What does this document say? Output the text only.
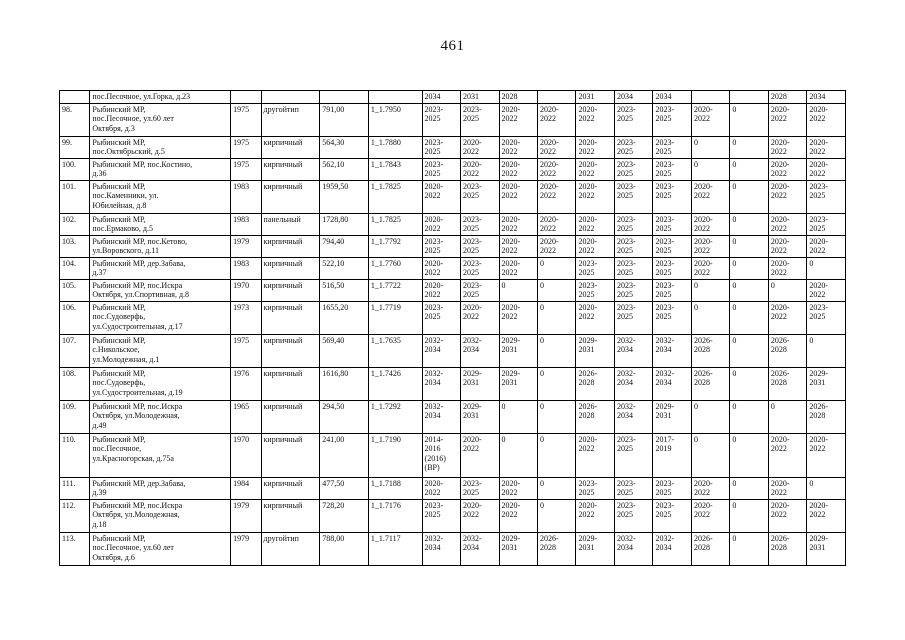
461
	пос.Песочное, ул.Горка, д.23					2034	2031	2028		2031	2034	2034			2028	2034
98.	Рыбинский МР,
пос.Песочное, ул.60 лет
Октября, д.3	1975	другойтип	791,00	1_1.7950	2023-
2025	2023-
2025	2020-
2022	2020-
2022	2020-
2022	2023-
2025	2023-
2025	2020-
2022	0	2020-
2022	2020-
2022
99.	Рыбинский МР,
пос.Октябрьский, д.5	1975	кирпичный	564,30	1_1.7880	2023-
2025	2020-
2022	2020-
2022	2020-
2022	2020-
2022	2023-
2025	2023-
2025	0	0	2020-
2022	2020-
2022
100.	Рыбинский МР, пос.Костино,
д.36	1975	кирпичный	562,10	1_1.7843	2023-
2025	2020-
2022	2020-
2022	2020-
2022	2020-
2022	2023-
2025	2023-
2025	0	0	2020-
2022	2020-
2022
101.	Рыбинский МР,
пос.Каменники, ул.
Юбилейная, д.8	1983	кирпичный	1959,50	1_1.7825	2020-
2022	2023-
2025	2020-
2022	2020-
2022	2020-
2022	2023-
2025	2023-
2025	2020-
2022	0	2020-
2022	2023-
2025
102.	Рыбинский МР,
пос.Ермаково, д.5	1983	панельный	1728,80	1_1.7825	2020-
2022	2023-
2025	2020-
2022	2020-
2022	2020-
2022	2023-
2025	2023-
2025	2020-
2022	0	2020-
2022	2023-
2025
103.	Рыбинский МР, пос.Кетово,
ул.Воровского, д.11	1979	кирпичный	794,40	1_1.7792	2023-
2025	2023-
2025	2020-
2022	2020-
2022	2020-
2022	2023-
2025	2023-
2025	2020-
2022	0	2020-
2022	2020-
2022
104.	Рыбинский МР, дер.Забава,
д.37	1983	кирпичный	522,10	1_1.7760	2020-
2022	2023-
2025	2020-
2022	0	2023-
2025	2023-
2025	2023-
2025	2020-
2022	0	2020-
2022	0
105.	Рыбинский МР, пос.Искра
Октября, ул.Спортивная, д.8	1970	кирпичный	516,50	1_1.7722	2020-
2022	2023-
2025	0	0	2023-
2025	2023-
2025	2023-
2025	0	0	0	2020-
2022
106.	Рыбинский МР,
пос.Судоверфь,
ул.Судостроительная, д.17	1973	кирпичный	1655,20	1_1.7719	2023-
2025	2020-
2022	2020-
2022	0	2020-
2022	2023-
2025	2023-
2025	0	0	2020-
2022	2023-
2025
107.	Рыбинский МР,
с.Никольское,
ул.Молодежная, д.1	1975	кирпичный	569,40	1_1.7635	2032-
2034	2032-
2034	2029-
2031	0	2029-
2031	2032-
2034	2032-
2034	2026-
2028	0	2026-
2028	0
108.	Рыбинский МР,
пос.Судоверфь,
ул.Судостроительная, д.19	1976	кирпичный	1616,80	1_1.7426	2032-
2034	2029-
2031	2029-
2031	0	2026-
2028	2032-
2034	2032-
2034	2026-
2028	0	2026-
2028	2029-
2031
109.	Рыбинский МР, пос.Искра
Октября, ул.Молодежная,
д.49	1965	кирпичный	294,50	1_1.7292	2032-
2034	2029-
2031	0	0	2026-
2028	2032-
2034	2029-
2031	0	0	0	2026-
2028
110.	Рыбинский МР,
пос.Песочное,
ул.Красногорская, д.75а	1970	кирпичный	241,00	1_1.7190	2014-
2016
(2016)
(ВР)	2020-
2022	0	0	2020-
2022	2023-
2025	2017-
2019	0	0	2020-
2022	2020-
2022
111.	Рыбинский МР, дер.Забава,
д.39	1984	кирпичный	477,50	1_1.7188	2020-
2022	2023-
2025	2020-
2022	0	2023-
2025	2023-
2025	2023-
2025	2020-
2022	0	2020-
2022	0
112.	Рыбинский МР, пос.Искра
Октября, ул.Молодежная,
д.18	1979	кирпичный	728,20	1_1.7176	2023-
2025	2020-
2022	2020-
2022	0	2020-
2022	2023-
2025	2023-
2025	2020-
2022	0	2020-
2022	2020-
2022
113.	Рыбинский МР,
пос.Песочное, ул.60 лет
Октября, д.6	1979	другойтип	788,00	1_1.7117	2032-
2034	2032-
2034	2029-
2031	2026-
2028	2029-
2031	2032-
2034	2032-
2034	2026-
2028	0	2026-
2028	2029-
2031
